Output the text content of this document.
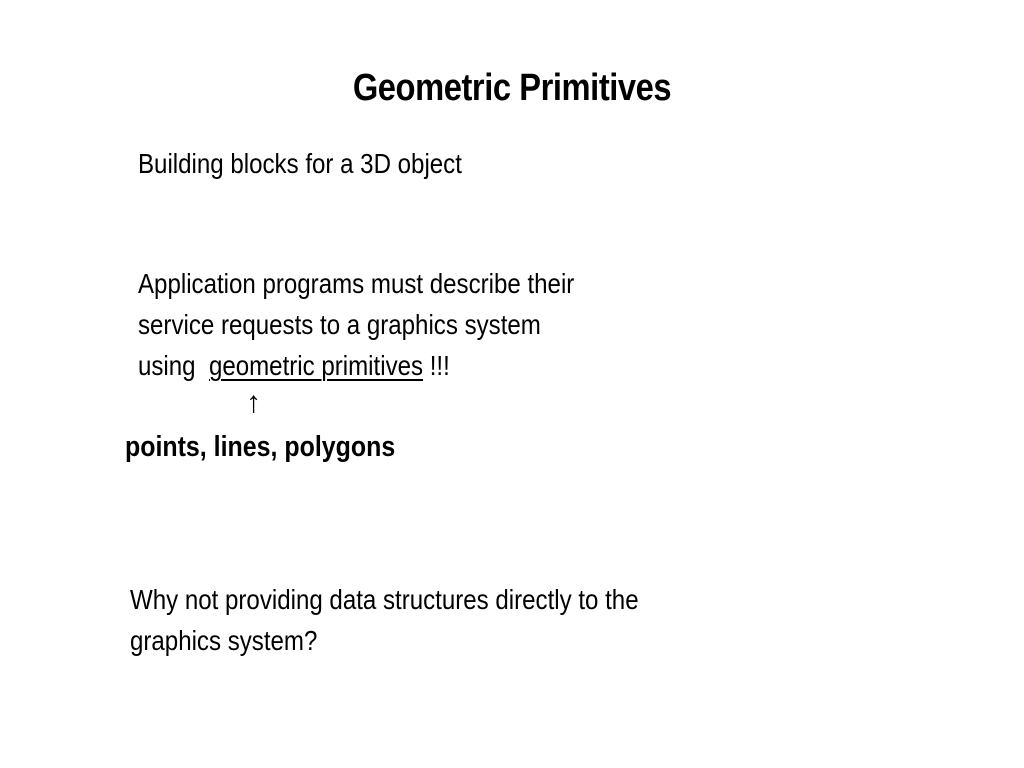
Geometric Primitives
Building blocks for a 3D object
Application programs must describe their
service requests to a graphics system
using  geometric primitives !!!
↑
points, lines, polygons
Why not providing data structures directly to the
graphics system?
